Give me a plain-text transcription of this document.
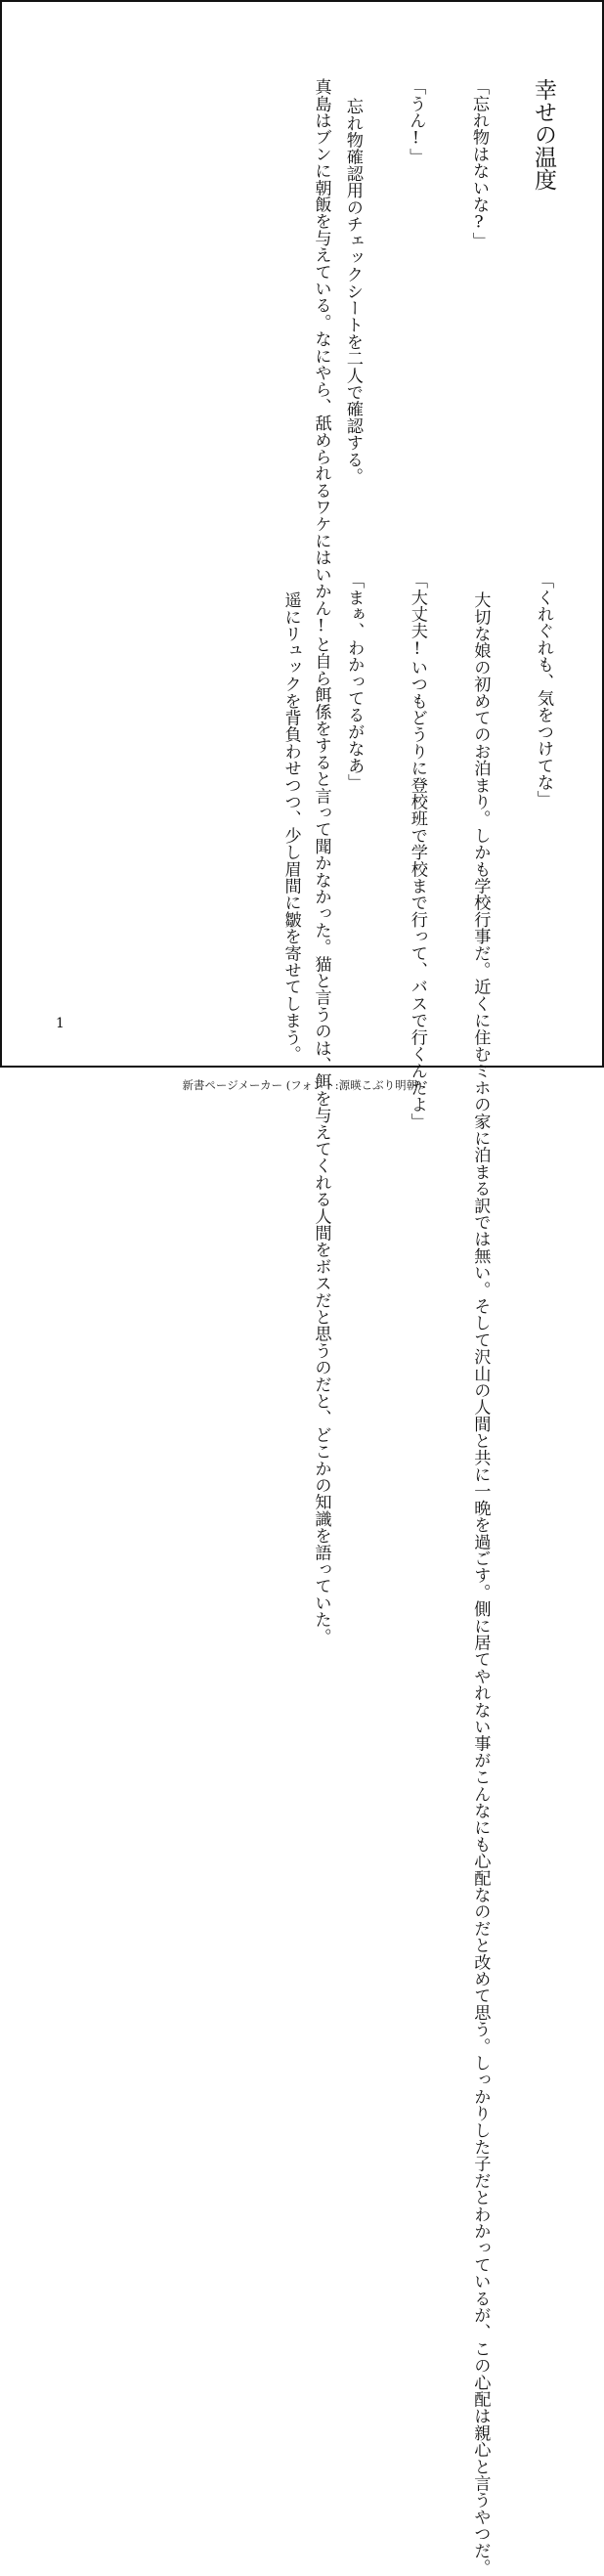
幸せの温度
「忘れ物はないな?」

「うん!」

忘れ物確認用のチェックシートを二人で確認する。
真島はブンに朝飯を与えている。なにやら、舐められるワケにはいかん!と自ら餌係をすると言って聞かなかった。猫と言うのは、餌を与えてくれる人間をボスだと思うのだと、どこかの知識を語っていた。	「くれぐれも、気をつけてな」

大切な娘の初めてのお泊まり。しかも学校行事だ。近くに住むミホの家に泊まる訳では無い。そして沢山の人間と共に一晩を過ごす。側に居てやれない事がこんなにも心配なのだと改めて思う。しっかりした子だとわかっているが、この心配は親心と言うやつだ。

「大丈夫!いつもどうりに登校班で学校まで行って、バスで行くんだよ」

「まぁ、わかってるがなあ」

遥にリュックを背負わせつつ、少し眉間に皺を寄せてしまう。
1
新書ページメーカー (フォント:源暎こぶり明朝)
